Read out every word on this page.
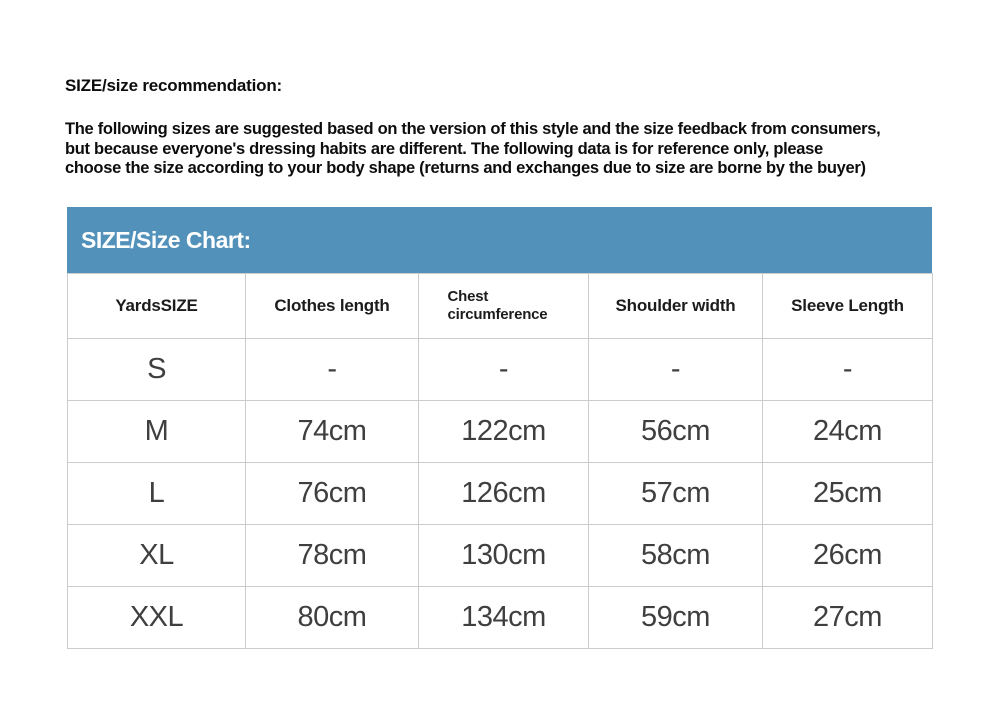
SIZE/size recommendation:
The following sizes are suggested based on the version of this style and the size feedback from consumers,
but because everyone's dressing habits are different. The following data is for reference only, please
choose the size according to your body shape (returns and exchanges due to size are borne by the buyer)
SIZE/Size Chart:
YardsSIZE	Clothes length	Chest circumference	Shoulder width	Sleeve Length
S	-	-	-	-
M	74cm	122cm	56cm	24cm
L	76cm	126cm	57cm	25cm
XL	78cm	130cm	58cm	26cm
XXL	80cm	134cm	59cm	27cm
